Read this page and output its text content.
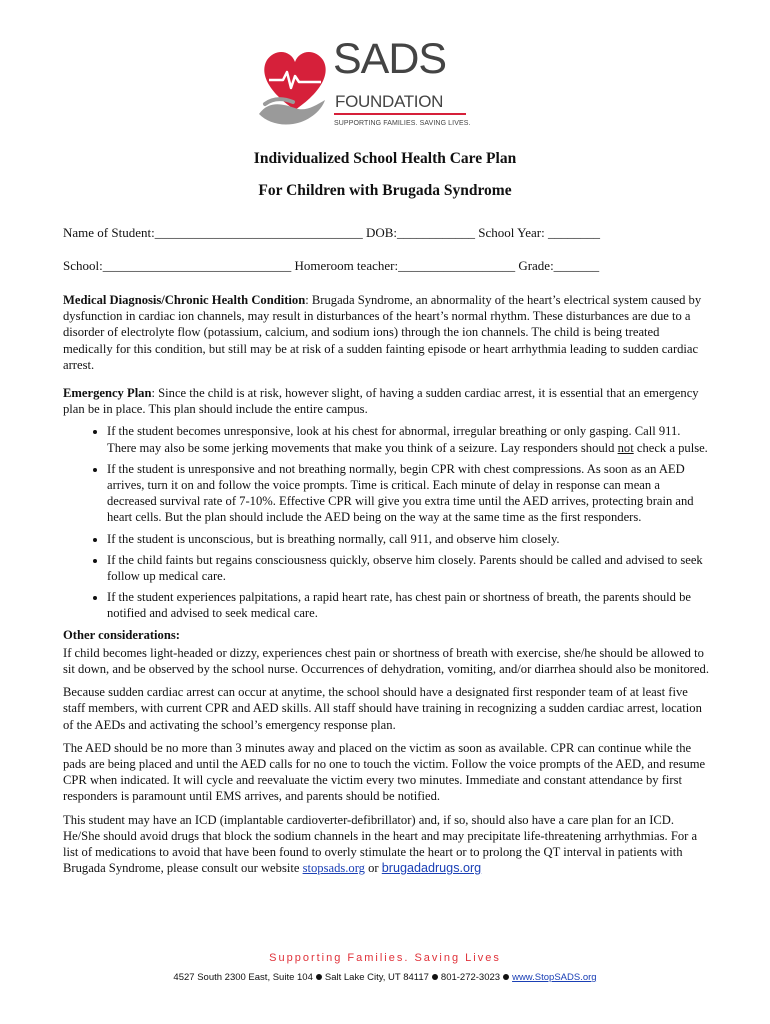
SADS
FOUNDATION
SUPPORTING FAMILIES. SAVING LIVES.
Individualized School Health Care Plan
For Children with Brugada Syndrome
Name of Student:________________________________ DOB:____________ School Year: ________
School:_____________________________ Homeroom teacher:__________________ Grade:_______

Medical Diagnosis/Chronic Health Condition: Brugada Syndrome, an abnormality of the heart’s electrical system caused by dysfunction in cardiac ion channels, may result in disturbances of the heart’s normal rhythm. These disturbances are due to a disorder of electrolyte flow (potassium, calcium, and sodium ions) through the ion channels. The child is being treated medically for this condition, but still may be at risk of a sudden fainting episode or heart arrhythmia leading to sudden cardiac arrest.

Emergency Plan: Since the child is at risk, however slight, of having a sudden cardiac arrest, it is essential that an emergency plan be in place. This plan should include the entire campus.

• If the student becomes unresponsive, look at his chest for abnormal, irregular breathing or only gasping. Call 911. There may also be some jerking movements that make you think of a seizure. Lay responders should not check a pulse.
• If the student is unresponsive and not breathing normally, begin CPR with chest compressions. As soon as an AED arrives, turn it on and follow the voice prompts. Time is critical. Each minute of delay in response can mean a decreased survival rate of 7-10%. Effective CPR will give you extra time until the AED arrives, protecting brain and heart cells. But the plan should include the AED being on the way at the same time as the first responders.
• If the student is unconscious, but is breathing normally, call 911, and observe him closely.
• If the child faints but regains consciousness quickly, observe him closely. Parents should be called and advised to seek follow up medical care.
• If the student experiences palpitations, a rapid heart rate, has chest pain or shortness of breath, the parents should be notified and advised to seek medical care.

Other considerations:

If child becomes light-headed or dizzy, experiences chest pain or shortness of breath with exercise, she/he should be allowed to sit down, and be observed by the school nurse. Occurrences of dehydration, vomiting, and/or diarrhea should also be monitored.

Because sudden cardiac arrest can occur at anytime, the school should have a designated first responder team of at least five staff members, with current CPR and AED skills. All staff should have training in recognizing a sudden cardiac arrest, location of the AEDs and activating the school’s emergency response plan.

The AED should be no more than 3 minutes away and placed on the victim as soon as available. CPR can continue while the pads are being placed and until the AED calls for no one to touch the victim. Follow the voice prompts of the AED, and resume CPR when indicated. It will cycle and reevaluate the victim every two minutes. Immediate and constant attendance by first responders is paramount until EMS arrives, and parents should be notified.

This student may have an ICD (implantable cardioverter-defibrillator) and, if so, should also have a care plan for an ICD. He/She should avoid drugs that block the sodium channels in the heart and may precipitate life-threatening arrhythmias. For a list of medications to avoid that have been found to overly stimulate the heart or to prolong the QT interval in patients with Brugada Syndrome, please consult our website stopsads.org or brugadadrugs.org

Supporting Families. Saving Lives
4527 South 2300 East, Suite 104 Salt Lake City, UT 84117 801-272-3023 www.StopSADS.org
